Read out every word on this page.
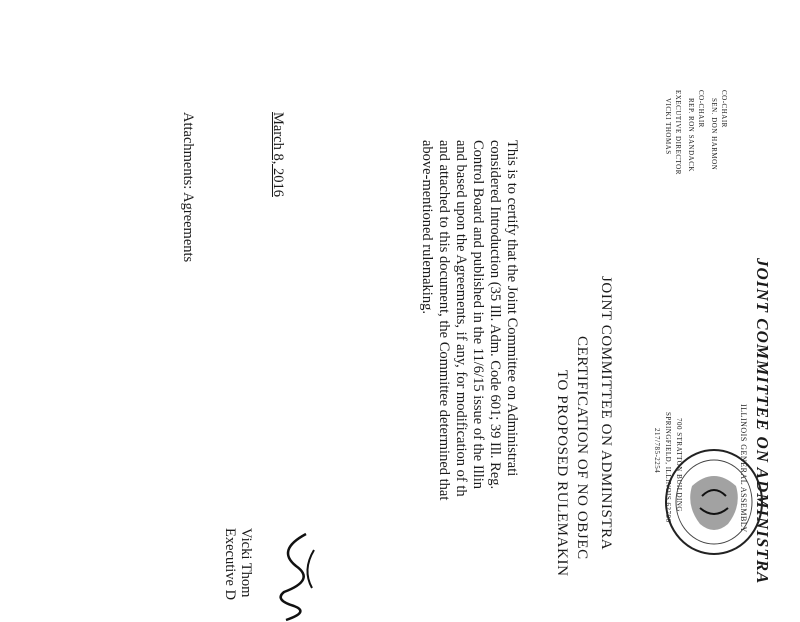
JOINT COMMITTEE ON ADMINISTRA
ILLINOIS GENERAL ASSEMBLY
CO-CHAIR
SEN. DON HARMON
CO-CHAIR
REP. RON SANDACK
EXECUTIVE DIRECTOR
VICKI THOMAS
700 STRATTON BUILDING
SPRINGFIELD, ILLINOIS 62706
217/785-2254
JOINT COMMITTEE ON ADMINISTRA
CERTIFICATION OF NO OBJEC
TO PROPOSED RULEMAKIN
This is to certify that the Joint Committee on Administrati
considered Introduction (35 Ill. Adm. Code 601; 39 Ill. Reg.
Control Board and published in the 11/6/15 issue of the Illin
and based upon the Agreements, if any, for modification of th
and attached to this document, the Committee determined that
above-mentioned rulemaking.
March 8, 2016
Vicki Thom
Executive D
Attachments: Agreements
